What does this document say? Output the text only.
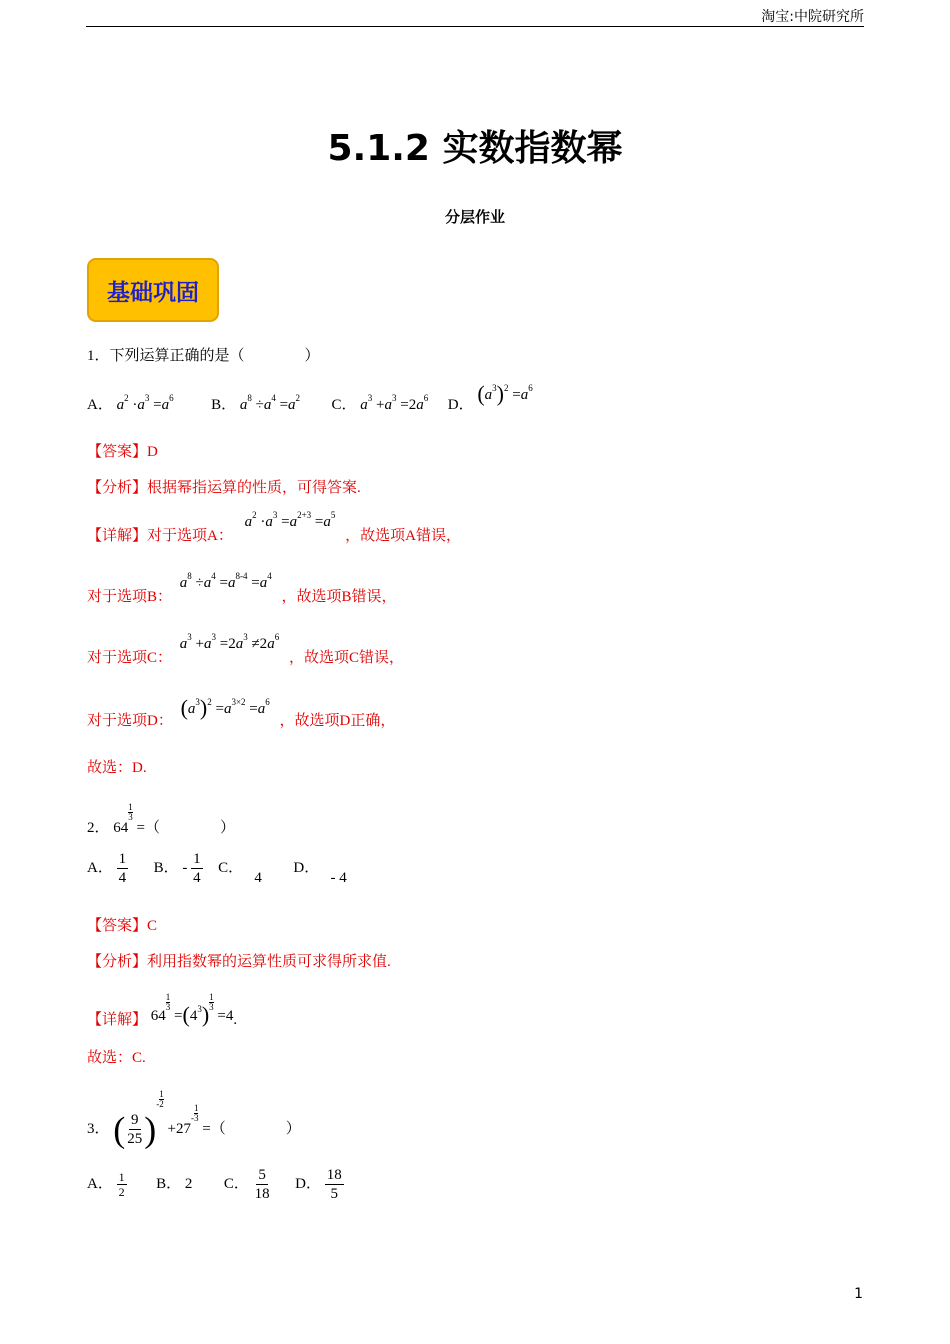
淘宝:中院研究所
5.1.2 实数指数幂
分层作业
基础巩固
1．下列运算正确的是（	）
A． $a^2 \cdot a^3 =a^6$	B． $a^8 \div a^4 =a^2$ C． $a^3 +a^3 =2a^6$ D． $(a^3)^2 =a^6$
【答案】D
【分析】根据幂指运算的性质，可得答案.
【详解】对于选项A： $a^2 \cdot a^3 =a^{2+3} =a^5$ ，故选项A错误，
对于选项B： $a^8 \div a^4 =a^{8-4} =a^4$ ，故选项B错误，
对于选项C： $a^3 +a^3 =2a^3 \ne 2a^6$ ，故选项C错误，
对于选项D： $(a^3)^2 =a^{3\times 2} =a^6$ ，故选项D正确，
故选：D.
2． 64
$\frac{1}{3}$
=（	）
A． $\frac{1}{4}$ B． - $\frac{1}{4}$ C．   4  D．   - 4
【答案】C
【分析】利用指数幂的运算性质可求得所求值.
【详解】 64
$\frac{1}{3}$
$=(4^3) \frac{1}{3}$
=4.
故选：C.
3． ( $\frac{9}{25}$ )- $\frac{1}{2}$
$+27- \frac{1}{3}$
=（	）
A． $\frac{1}{2}$ B． 2 C． $\frac{5}{18}$ D． $\frac{18}{5}$
1
